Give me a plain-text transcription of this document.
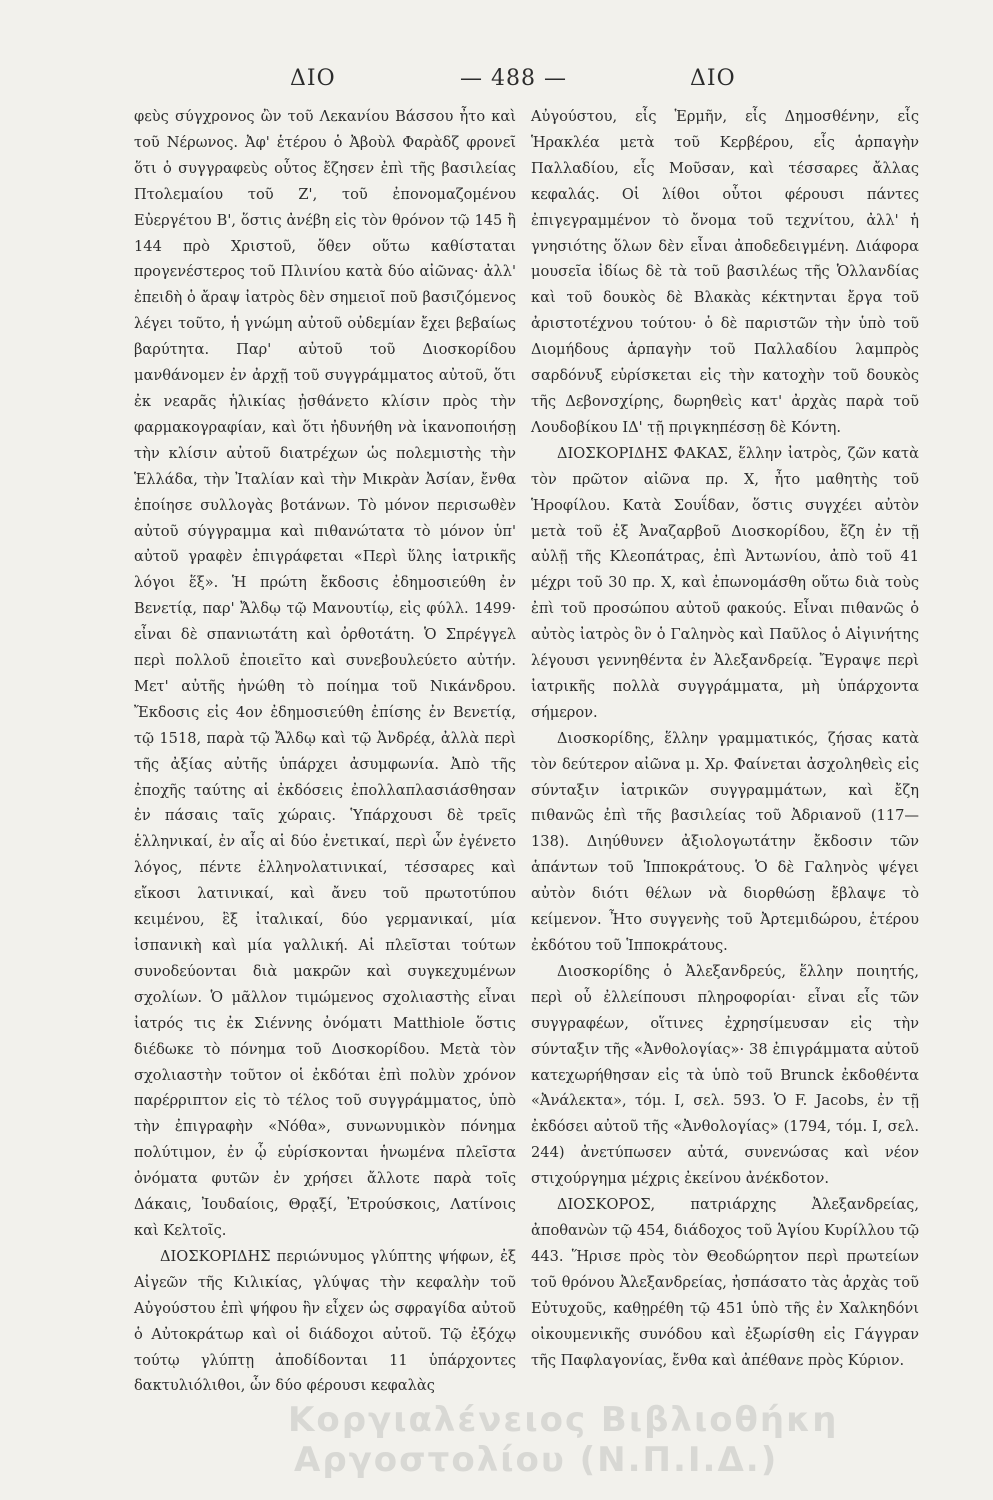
ΔΙΟ	— 488 —	ΔΙΟ

φεὺς σύγχρονος ὢν τοῦ Λεκανίου Βάσσου ἦτο καὶ τοῦ Νέρωνος. Ἀφ' ἑτέρου ὁ Ἀβοὺλ Φαρὰδζ φρονεῖ ὅτι ὁ συγγραφεὺς οὗτος ἔζησεν ἐπὶ τῆς βασιλείας Πτολεμαίου τοῦ Ζ', τοῦ ἐπονομαζομένου Εὐεργέτου Β', ὅστις ἀνέβη εἰς τὸν θρόνον τῷ 145 ἢ 144 πρὸ Χριστοῦ, ὅθεν οὕτω καθίσταται προγενέστερος τοῦ Πλινίου κατὰ δύο αἰῶνας· ἀλλ' ἐπειδὴ ὁ ἄραψ ἰατρὸς δὲν σημειοῖ ποῦ βασιζόμενος λέγει τοῦτο, ἡ γνώμη αὐτοῦ οὐδεμίαν ἔχει βεβαίως βαρύτητα. Παρ' αὐτοῦ τοῦ Διοσκορίδου μανθάνομεν ἐν ἀρχῇ τοῦ συγγράμματος αὐτοῦ, ὅτι ἐκ νεαρᾶς ἡλικίας ᾐσθάνετο κλίσιν πρὸς τὴν φαρμακογραφίαν, καὶ ὅτι ἠδυνήθη νὰ ἱκανοποιήσῃ τὴν κλίσιν αὐτοῦ διατρέχων ὡς πολεμιστὴς τὴν Ἑλλάδα, τὴν Ἰταλίαν καὶ τὴν Μικρὰν Ἀσίαν, ἔνθα ἐποίησε συλλογὰς βοτάνων. Τὸ μόνον περισωθὲν αὐτοῦ σύγγραμμα καὶ πιθανώτατα τὸ μόνον ὑπ' αὐτοῦ γραφὲν ἐπιγράφεται «Περὶ ὕλης ἰατρικῆς λόγοι ἕξ». Ἡ πρώτη ἔκδοσις ἐδημοσιεύθη ἐν Βενετίᾳ, παρ' Ἄλδῳ τῷ Μανουτίῳ, εἰς φύλλ. 1499· εἶναι δὲ σπανιωτάτη καὶ ὀρθοτάτη. Ὁ Σπρέγγελ περὶ πολλοῦ ἐποιεῖτο καὶ συνεβουλεύετο αὐτήν. Μετ' αὐτῆς ἠνώθη τὸ ποίημα τοῦ Νικάνδρου. Ἔκδοσις εἰς 4ον ἐδημοσιεύθη ἐπίσης ἐν Βενετίᾳ, τῷ 1518, παρὰ τῷ Ἄλδῳ καὶ τῷ Ἀνδρέᾳ, ἀλλὰ περὶ τῆς ἀξίας αὐτῆς ὑπάρχει ἀσυμφωνία. Ἀπὸ τῆς ἐποχῆς ταύτης αἱ ἐκδόσεις ἐπολλαπλασιάσθησαν ἐν πάσαις ταῖς χώραις. Ὑπάρχουσι δὲ τρεῖς ἑλληνικαί, ἐν αἷς αἱ δύο ἐνετικαί, περὶ ὧν ἐγένετο λόγος, πέντε ἑλληνολατινικαί, τέσσαρες καὶ εἴκοσι λατινικαί, καὶ ἄνευ τοῦ πρωτοτύπου κειμένου, ἓξ ἰταλικαί, δύο γερμανικαί, μία ἰσπανικὴ καὶ μία γαλλική. Αἱ πλεῖσται τούτων συνοδεύονται διὰ μακρῶν καὶ συγκεχυμένων σχολίων. Ὁ μᾶλλον τιμώμενος σχολιαστὴς εἶναι ἰατρός τις ἐκ Σιέννης ὀνόματι Matthiole ὅστις διέδωκε τὸ πόνημα τοῦ Διοσκορίδου. Μετὰ τὸν σχολιαστὴν τοῦτον οἱ ἐκδόται ἐπὶ πολὺν χρόνον παρέρριπτον εἰς τὸ τέλος τοῦ συγγράμματος, ὑπὸ τὴν ἐπιγραφὴν «Νόθα», συνωνυμικὸν πόνημα πολύτιμον, ἐν ᾧ εὑρίσκονται ἡνωμένα πλεῖστα ὀνόματα φυτῶν ἐν χρήσει ἄλλοτε παρὰ τοῖς Δάκαις, Ἰουδαίοις, Θρᾳξί, Ἐτρούσκοις, Λατίνοις καὶ Κελτοῖς.

ΔΙΟΣΚΟΡΙΔΗΣ περιώνυμος γλύπτης ψήφων, ἐξ Αἰγεῶν τῆς Κιλικίας, γλύψας τὴν κεφαλὴν τοῦ Αὐγούστου ἐπὶ ψήφου ἣν εἶχεν ὡς σφραγίδα αὐτοῦ ὁ Αὐτοκράτωρ καὶ οἱ διάδοχοι αὐτοῦ. Τῷ ἐξόχῳ τούτῳ γλύπτῃ ἀποδίδονται 11 ὑπάρχοντες δακτυλιόλιθοι, ὧν δύο φέρουσι κεφαλὰς

Αὐγούστου, εἷς Ἑρμῆν, εἷς Δημοσθένην, εἷς Ἡρακλέα μετὰ τοῦ Κερβέρου, εἷς ἁρπαγὴν Παλλαδίου, εἷς Μοῦσαν, καὶ τέσσαρες ἄλλας κεφαλάς. Οἱ λίθοι οὗτοι φέρουσι πάντες ἐπιγεγραμμένον τὸ ὄνομα τοῦ τεχνίτου, ἀλλ' ἡ γνησιότης ὅλων δὲν εἶναι ἀποδεδειγμένη. Διάφορα μουσεῖα ἰδίως δὲ τὰ τοῦ βασιλέως τῆς Ὁλλανδίας καὶ τοῦ δουκὸς δὲ Βλακὰς κέκτηνται ἔργα τοῦ ἀριστοτέχνου τούτου· ὁ δὲ παριστῶν τὴν ὑπὸ τοῦ Διομήδους ἁρπαγὴν τοῦ Παλλαδίου λαμπρὸς σαρδόνυξ εὑρίσκεται εἰς τὴν κατοχὴν τοῦ δουκὸς τῆς Δεβονσχίρης, δωρηθεὶς κατ' ἀρχὰς παρὰ τοῦ Λουδοβίκου ΙΔ' τῇ πριγκηπέσσῃ δὲ Κόντη.

ΔΙΟΣΚΟΡΙΔΗΣ ΦΑΚΑΣ, ἕλλην ἰατρὸς, ζῶν κατὰ τὸν πρῶτον αἰῶνα πρ. Χ, ἦτο μαθητὴς τοῦ Ἡροφίλου. Κατὰ Σουΐδαν, ὅστις συγχέει αὐτὸν μετὰ τοῦ ἐξ Ἀναζαρβοῦ Διοσκορίδου, ἔζη ἐν τῇ αὐλῇ τῆς Κλεοπάτρας, ἐπὶ Ἀντωνίου, ἀπὸ τοῦ 41 μέχρι τοῦ 30 πρ. Χ, καὶ ἐπωνομάσθη οὕτω διὰ τοὺς ἐπὶ τοῦ προσώπου αὐτοῦ φακούς. Εἶναι πιθανῶς ὁ αὐτὸς ἰατρὸς ὃν ὁ Γαληνὸς καὶ Παῦλος ὁ Αἰγινήτης λέγουσι γεννηθέντα ἐν Ἀλεξανδρείᾳ. Ἔγραψε περὶ ἰατρικῆς πολλὰ συγγράμματα, μὴ ὑπάρχοντα σήμερον.

Διοσκορίδης, ἕλλην γραμματικός, ζήσας κατὰ τὸν δεύτερον αἰῶνα μ. Χρ. Φαίνεται ἀσχοληθεὶς εἰς σύνταξιν ἰατρικῶν συγγραμμάτων, καὶ ἔζη πιθανῶς ἐπὶ τῆς βασιλείας τοῦ Ἀδριανοῦ (117—138). Διηύθυνεν ἀξιολογωτάτην ἔκδοσιν τῶν ἁπάντων τοῦ Ἱπποκράτους. Ὁ δὲ Γαληνὸς ψέγει αὐτὸν διότι θέλων νὰ διορθώσῃ ἔβλαψε τὸ κείμενον. Ἦτο συγγενὴς τοῦ Ἀρτεμιδώρου, ἑτέρου ἐκδότου τοῦ Ἱπποκράτους.

Διοσκορίδης ὁ Ἀλεξανδρεύς, ἕλλην ποιητής, περὶ οὗ ἐλλείπουσι πληροφορίαι· εἶναι εἷς τῶν συγγραφέων, οἵτινες ἐχρησίμευσαν εἰς τὴν σύνταξιν τῆς «Ἀνθολογίας»· 38 ἐπιγράμματα αὐτοῦ κατεχωρήθησαν εἰς τὰ ὑπὸ τοῦ Brunck ἐκδοθέντα «Ἀνάλεκτα», τόμ. Ι, σελ. 593. Ὁ F. Jacobs, ἐν τῇ ἐκδόσει αὐτοῦ τῆς «Ἀνθολογίας» (1794, τόμ. Ι, σελ. 244) ἀνετύπωσεν αὐτά, συνενώσας καὶ νέον στιχούργημα μέχρις ἐκείνου ἀνέκδοτον.

ΔΙΟΣΚΟΡΟΣ, πατριάρχης Ἀλεξανδρείας, ἀποθανὼν τῷ 454, διάδοχος τοῦ Ἁγίου Κυρίλλου τῷ 443. Ἥρισε πρὸς τὸν Θεοδώρητον περὶ πρωτείων τοῦ θρόνου Ἀλεξανδρείας, ἠσπάσατο τὰς ἀρχὰς τοῦ Εὐτυχοῦς, καθῃρέθη τῷ 451 ὑπὸ τῆς ἐν Χαλκηδόνι οἰκουμενικῆς συνόδου καὶ ἐξωρίσθη εἰς Γάγγραν τῆς Παφλαγονίας, ἔνθα καὶ ἀπέθανε πρὸς Κύριον.

Κοργιαλένειος Βιβλιοθήκη
Αργοστολίου (Ν.Π.Ι.Δ.)
